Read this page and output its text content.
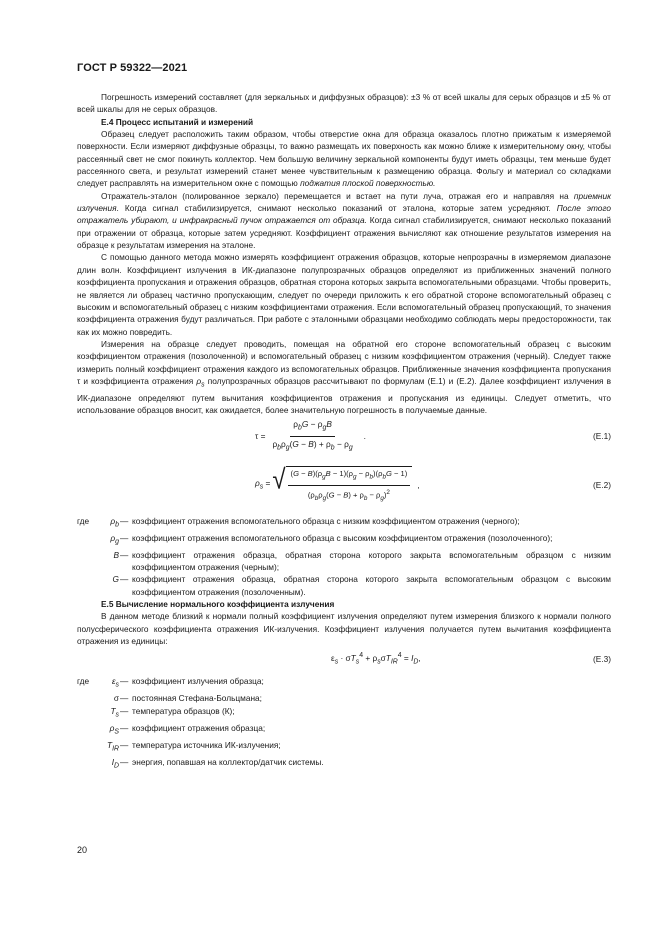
ГОСТ Р 59322—2021

Погрешность измерений составляет (для зеркальных и диффузных образцов): ±3 % от всей шкалы для серых образцов и ±5 % от всей шкалы для не серых образцов.

Е.4 Процесс испытаний и измерений

Образец следует расположить таким образом, чтобы отверстие окна для образца оказалось плотно прижатым к измеряемой поверхности. Если измеряют диффузные образцы, то важно размещать их поверхность как можно ближе к измерительному окну, чтобы рассеянный свет не смог покинуть коллектор. Чем большую величину зеркальной компоненты будут иметь образцы, тем меньше будет рассеянного света, и результат измерений станет менее чувствительным к размещению образца. Фольгу и материал со складками следует расправлять на измерительном окне с помощью поджатия плоской поверхностью.

Отражатель-эталон (полированное зеркало) перемещается и встает на пути луча, отражая его и направляя на приемник излучения. Когда сигнал стабилизируется, снимают несколько показаний от эталона, которые затем усредняют. После этого отражатель убирают, и инфракрасный пучок отражается от образца. Когда сигнал стабилизируется, снимают несколько показаний при отражении от образца, которые затем усредняют. Коэффициент отражения вычисляют как отношение результатов измерения на образце к результатам измерения на эталоне.

С помощью данного метода можно измерять коэффициент отражения образцов, которые непрозрачны в измеряемом диапазоне длин волн. Коэффициент излучения в ИК-диапазоне полупрозрачных образцов определяют из приближенных значений полного коэффициента пропускания и отражения образцов, обратная сторона которых закрыта вспомогательными образцами. Чтобы проверить, не является ли образец частично пропускающим, следует по очереди приложить к его обратной стороне вспомогательный образец с высоким и вспомогательный образец с низким коэффициентами отражения. Если вспомогательный образец пропускающий, то значения коэффициента отражения будут различаться. При работе с эталонными образцами необходимо соблюдать меры предосторожности, так как их можно повредить.

Измерения на образце следует проводить, помещая на обратной его стороне вспомогательный образец с высоким коэффициентом отражения (позолоченной) и вспомогательный образец с низким коэффициентом отражения (черный). Следует также измерить полный коэффициент отражения каждого из вспомогательных образцов. Приближенные значения коэффициента пропускания τ и коэффициента отражения $\rho_s$ полупрозрачных образцов рассчитывают по формулам (Е.1) и (Е.2). Далее коэффициент излучения в ИК-диапазоне определяют путем вычитания коэффициентов отражения и пропускания из единицы. Следует отметить, что использование образцов вносит, как ожидается, более значительную погрешность в получаемые данные.

$\tau = \frac{\rho_bG - \rho_gB}{\rho_b\rho_g(G - B) + \rho_b - \rho_g}$ .	(Е.1)
$\rho_s$ = √ $\frac{(G - B)(\rho_gB - 1)(\rho_g - \rho_b)(\rho_bG - 1)}{(\rho_b\rho_g(G - B) + \rho_b - \rho_g)^2}$ ,	(Е.2)
где	$\rho_b$ — коэффициент отражения вспомогательного образца с низким коэффициентом отражения (черного);
$\rho_g$ — коэффициент отражения вспомогательного образца с высоким коэффициентом отражения (позолоченного);
B — коэффициент отражения образца, обратная сторона которого закрыта вспомогательным образцом с низким коэффициентом отражения (черным);
G — коэффициент отражения образца, обратная сторона которого закрыта вспомогательным образцом с высоким коэффициентом отражения (позолоченным).

Е.5 Вычисление нормального коэффициента излучения

В данном методе близкий к нормали полный коэффициент излучения определяют путем измерения близкого к нормали полного полусферического коэффициента отражения ИК-излучения. Коэффициент излучения получается путем вычитания коэффициента отражения из единицы:

$\varepsilon_s \cdot \sigma T_s^4 + \rho_s\sigma T_{IR}^4 = I_D$,	(Е.3)
где	$\varepsilon_s$ — коэффициент излучения образца;
σ — постоянная Стефана-Больцмана;
$T_s$ — температура образцов (К);
$\rho_S$ — коэффициент отражения образца;
$T_{IR}$ — температура источника ИК-излучения;
$I_D$ — энергия, попавшая на коллектор/датчик системы.
20
